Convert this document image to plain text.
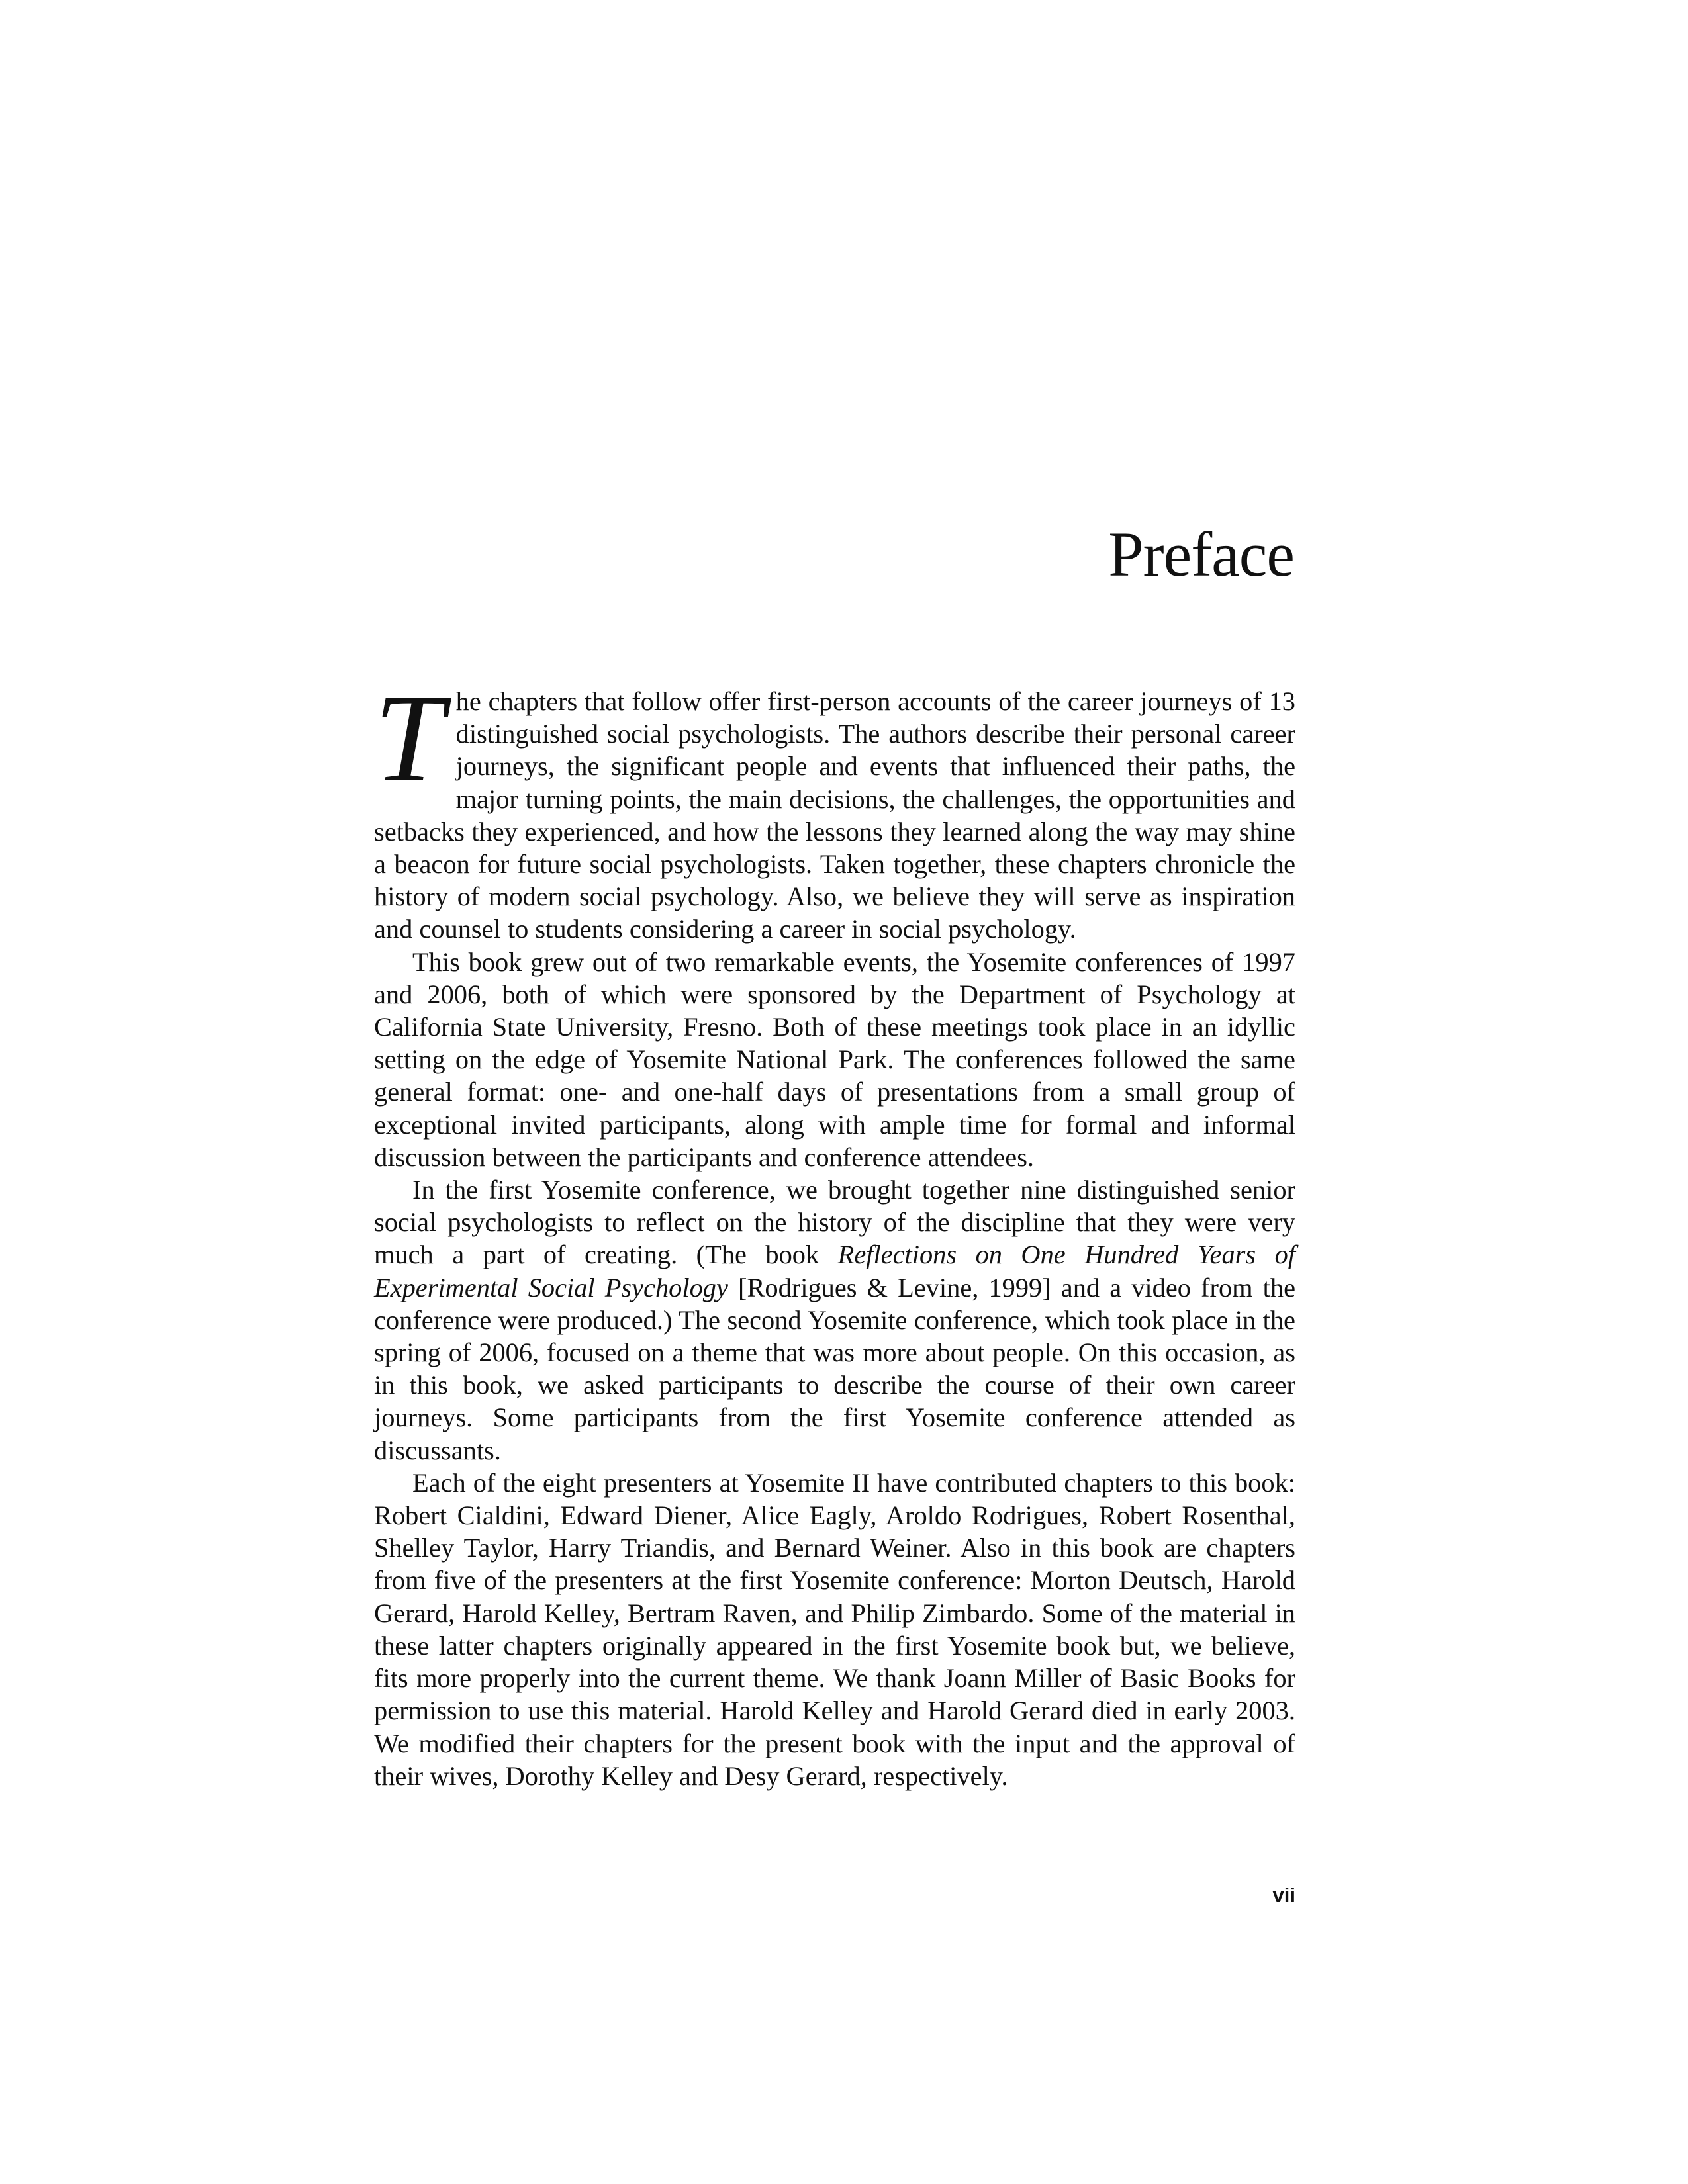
Preface

The chapters that follow offer first-person accounts of the career journeys of 13 distinguished social psychologists. The authors describe their personal career journeys, the significant people and events that influenced their paths, the major turning points, the main decisions, the challenges, the opportunities and setbacks they experienced, and how the lessons they learned along the way may shine a beacon for future social psychologists. Taken together, these chapters chronicle the history of modern social psychology. Also, we believe they will serve as inspiration and counsel to students considering a career in social psychology.

This book grew out of two remarkable events, the Yosemite conferences of 1997 and 2006, both of which were sponsored by the Department of Psychology at California State University, Fresno. Both of these meetings took place in an idyllic setting on the edge of Yosemite National Park. The conferences followed the same general format: one- and one-half days of presentations from a small group of exceptional invited participants, along with ample time for formal and informal discussion between the participants and conference attendees.

In the first Yosemite conference, we brought together nine distinguished senior social psychologists to reflect on the history of the discipline that they were very much a part of creating. (The book Reflections on One Hundred Years of Experimental Social Psychology [Rodrigues & Levine, 1999] and a video from the conference were produced.) The second Yosemite conference, which took place in the spring of 2006, focused on a theme that was more about people. On this occasion, as in this book, we asked participants to describe the course of their own career journeys. Some participants from the first Yosemite conference attended as discussants.

Each of the eight presenters at Yosemite II have contributed chapters to this book: Robert Cialdini, Edward Diener, Alice Eagly, Aroldo Rodrigues, Robert Rosenthal, Shelley Taylor, Harry Triandis, and Bernard Weiner. Also in this book are chapters from five of the presenters at the first Yosemite conference: Morton Deutsch, Harold Gerard, Harold Kelley, Bertram Raven, and Philip Zimbardo. Some of the material in these latter chapters originally appeared in the first Yosemite book but, we believe, fits more properly into the current theme. We thank Joann Miller of Basic Books for permission to use this material. Harold Kelley and Harold Gerard died in early 2003. We modified their chapters for the present book with the input and the approval of their wives, Dorothy Kelley and Desy Gerard, respectively.

vii
